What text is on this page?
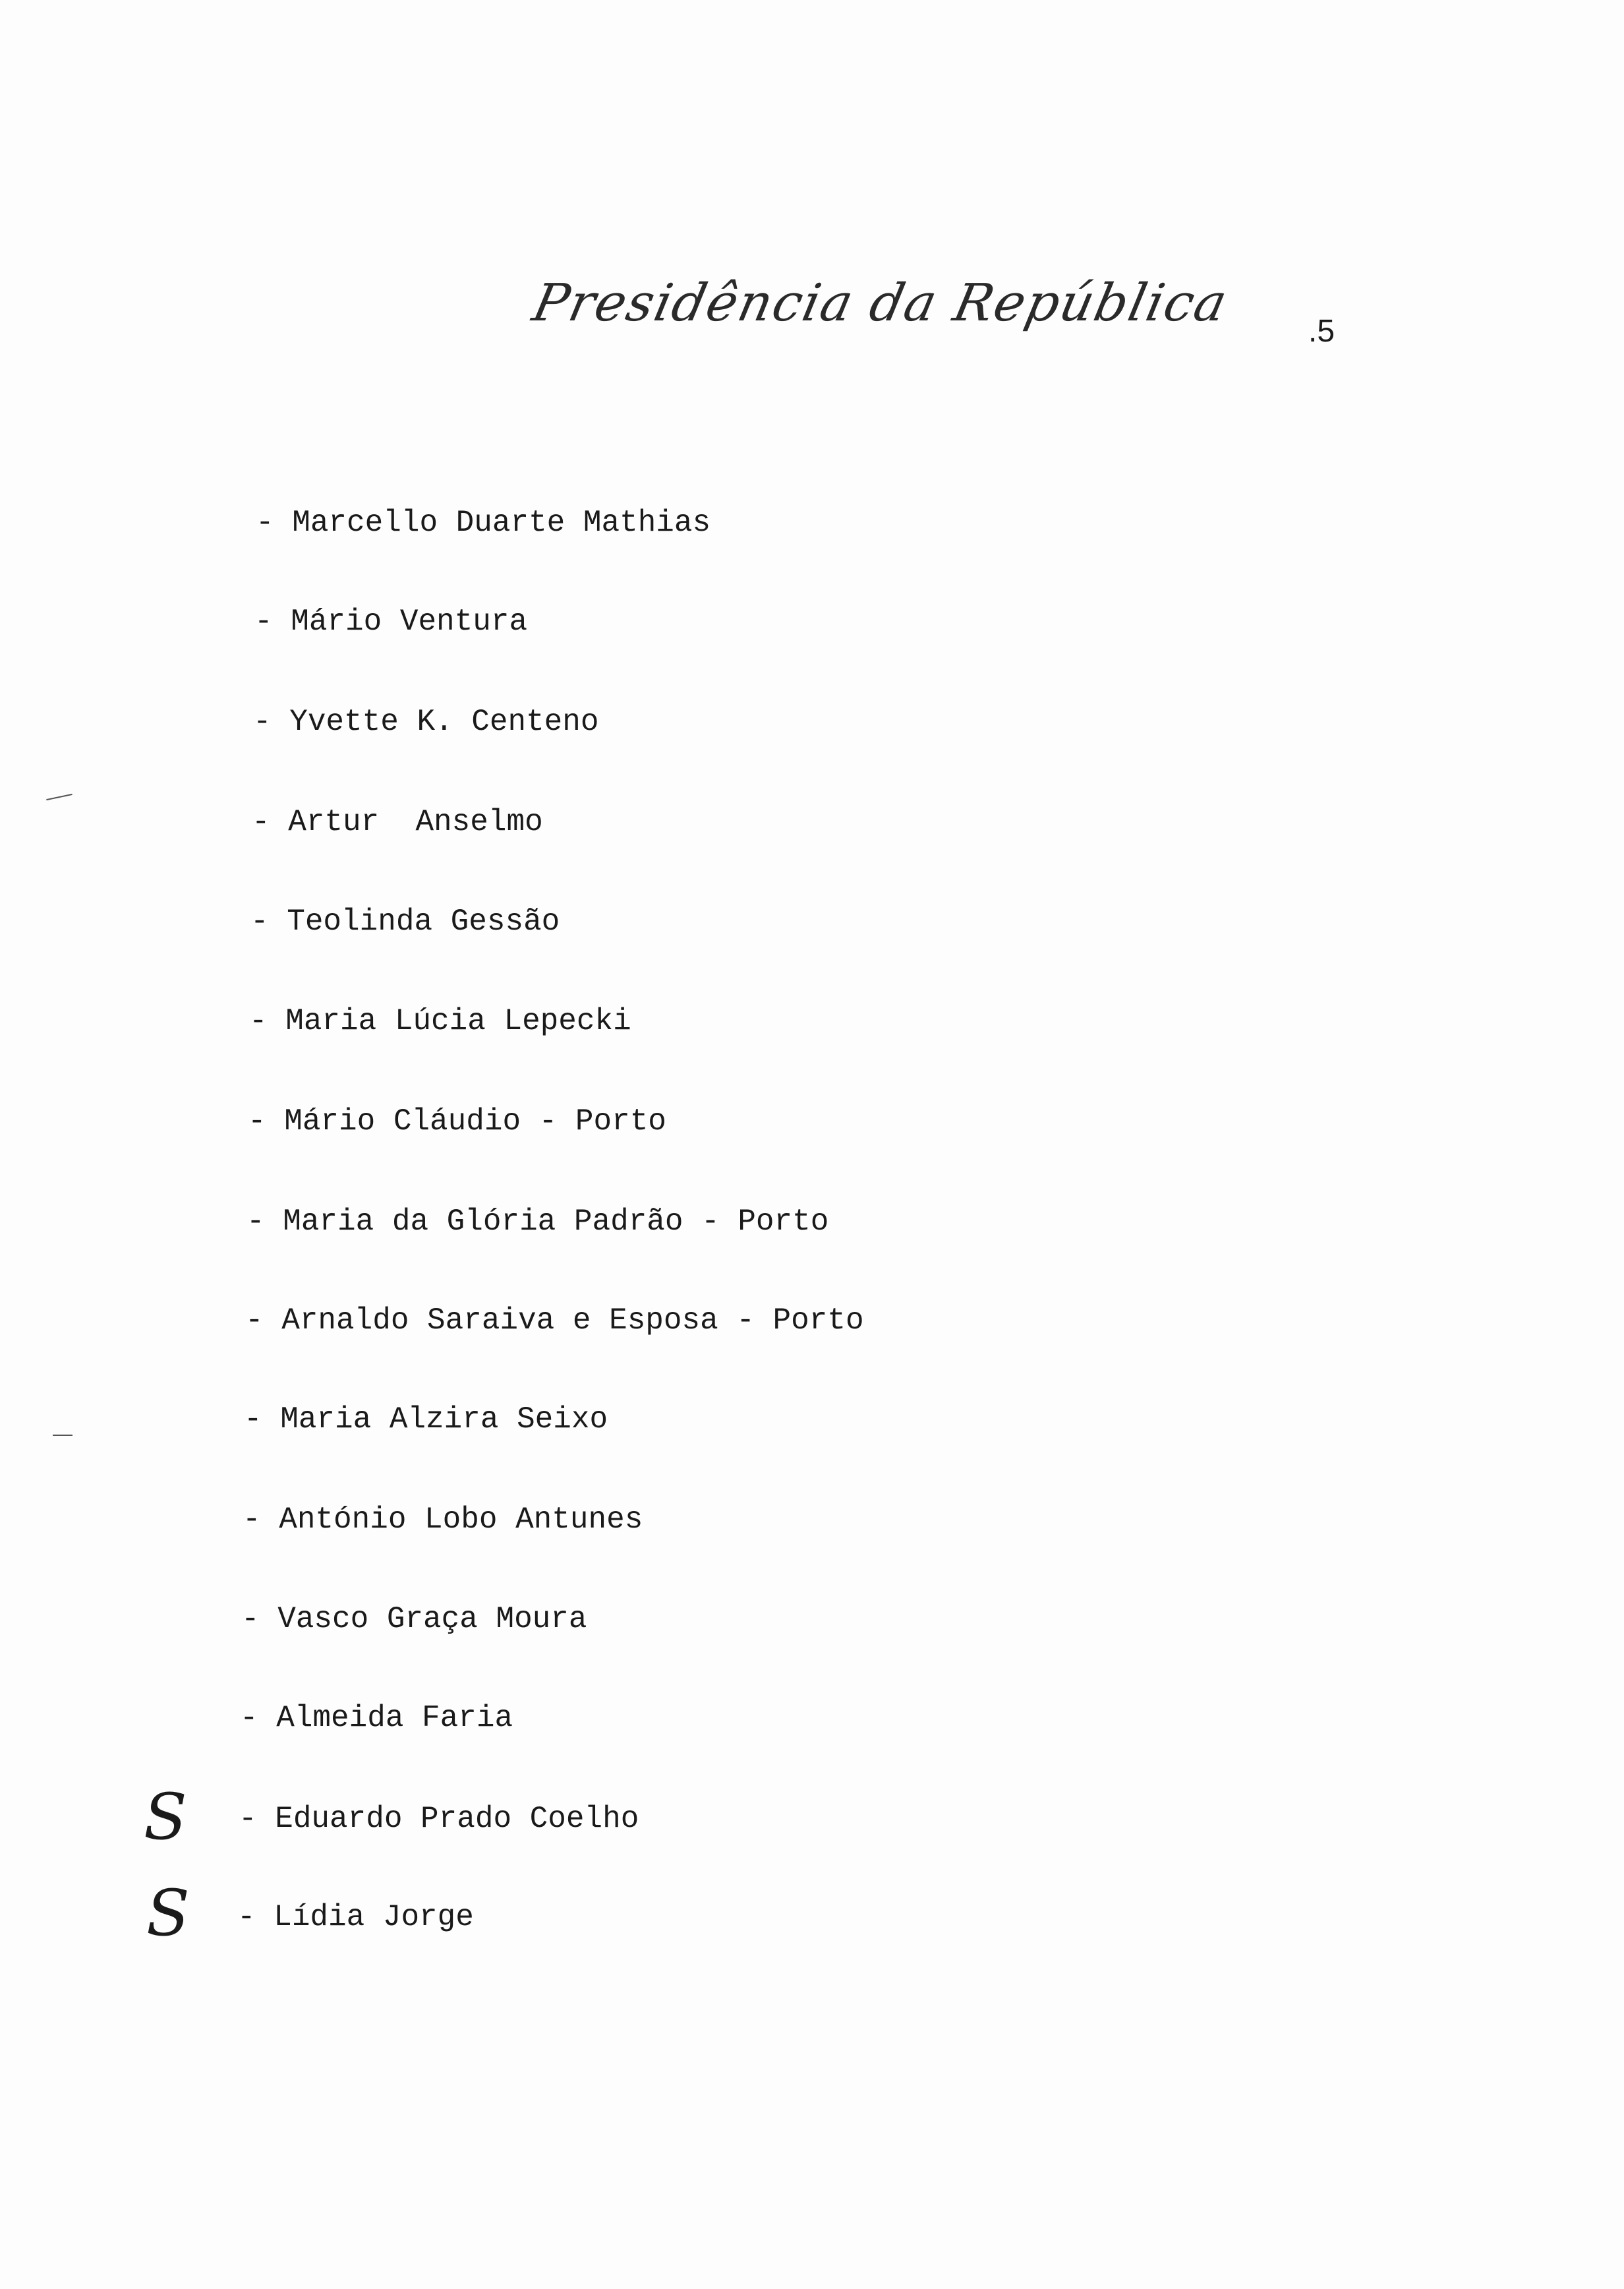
Presidência da República .5
- Marcello Duarte Mathias
- Mário Ventura
- Yvette K. Centeno
- Artur  Anselmo
- Teolinda Gessão
- Maria Lúcia Lepecki
- Mário Cláudio - Porto
- Maria da Glória Padrão - Porto
- Arnaldo Saraiva e Esposa - Porto
- Maria Alzira Seixo
- António Lobo Antunes
- Vasco Graça Moura
- Almeida Faria
- Eduardo Prado Coelho
- Lídia Jorge
S
S
